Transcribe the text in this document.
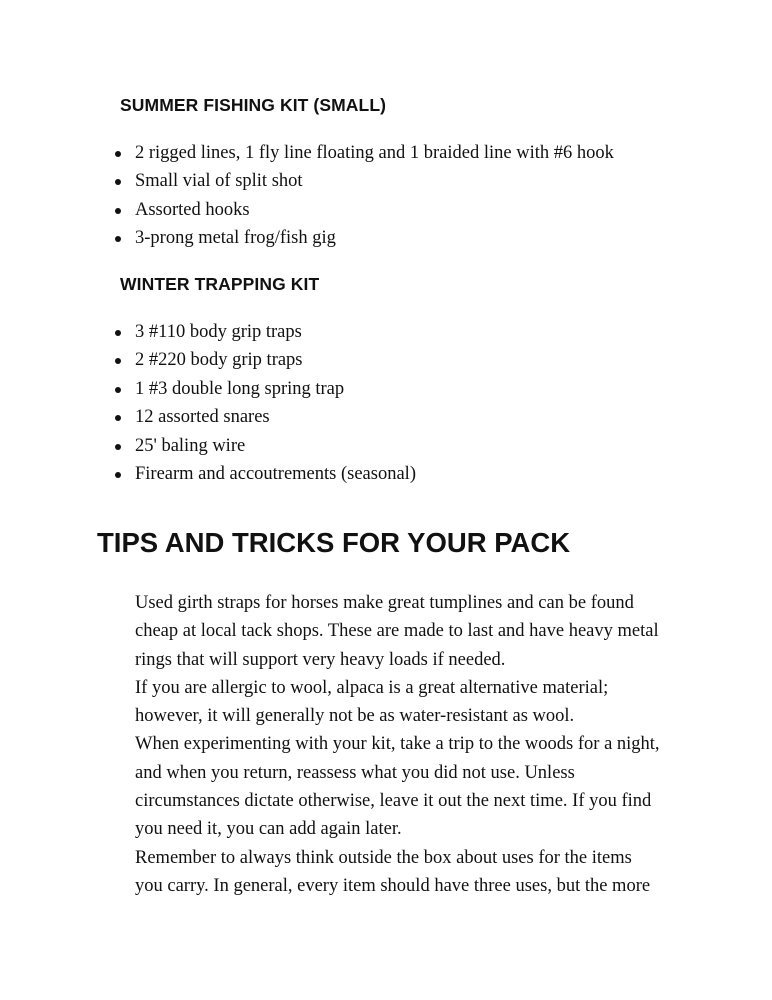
SUMMER FISHING KIT (SMALL)
2 rigged lines, 1 fly line floating and 1 braided line with #6 hook
Small vial of split shot
Assorted hooks
3-prong metal frog/fish gig
WINTER TRAPPING KIT
3 #110 body grip traps
2 #220 body grip traps
1 #3 double long spring trap
12 assorted snares
25' baling wire
Firearm and accoutrements (seasonal)
TIPS AND TRICKS FOR YOUR PACK

Used girth straps for horses make great tumplines and can be found
cheap at local tack shops. These are made to last and have heavy metal
rings that will support very heavy loads if needed.
If you are allergic to wool, alpaca is a great alternative material;
however, it will generally not be as water-resistant as wool.
When experimenting with your kit, take a trip to the woods for a night,
and when you return, reassess what you did not use. Unless
circumstances dictate otherwise, leave it out the next time. If you find
you need it, you can add again later.
Remember to always think outside the box about uses for the items
you carry. In general, every item should have three uses, but the more
